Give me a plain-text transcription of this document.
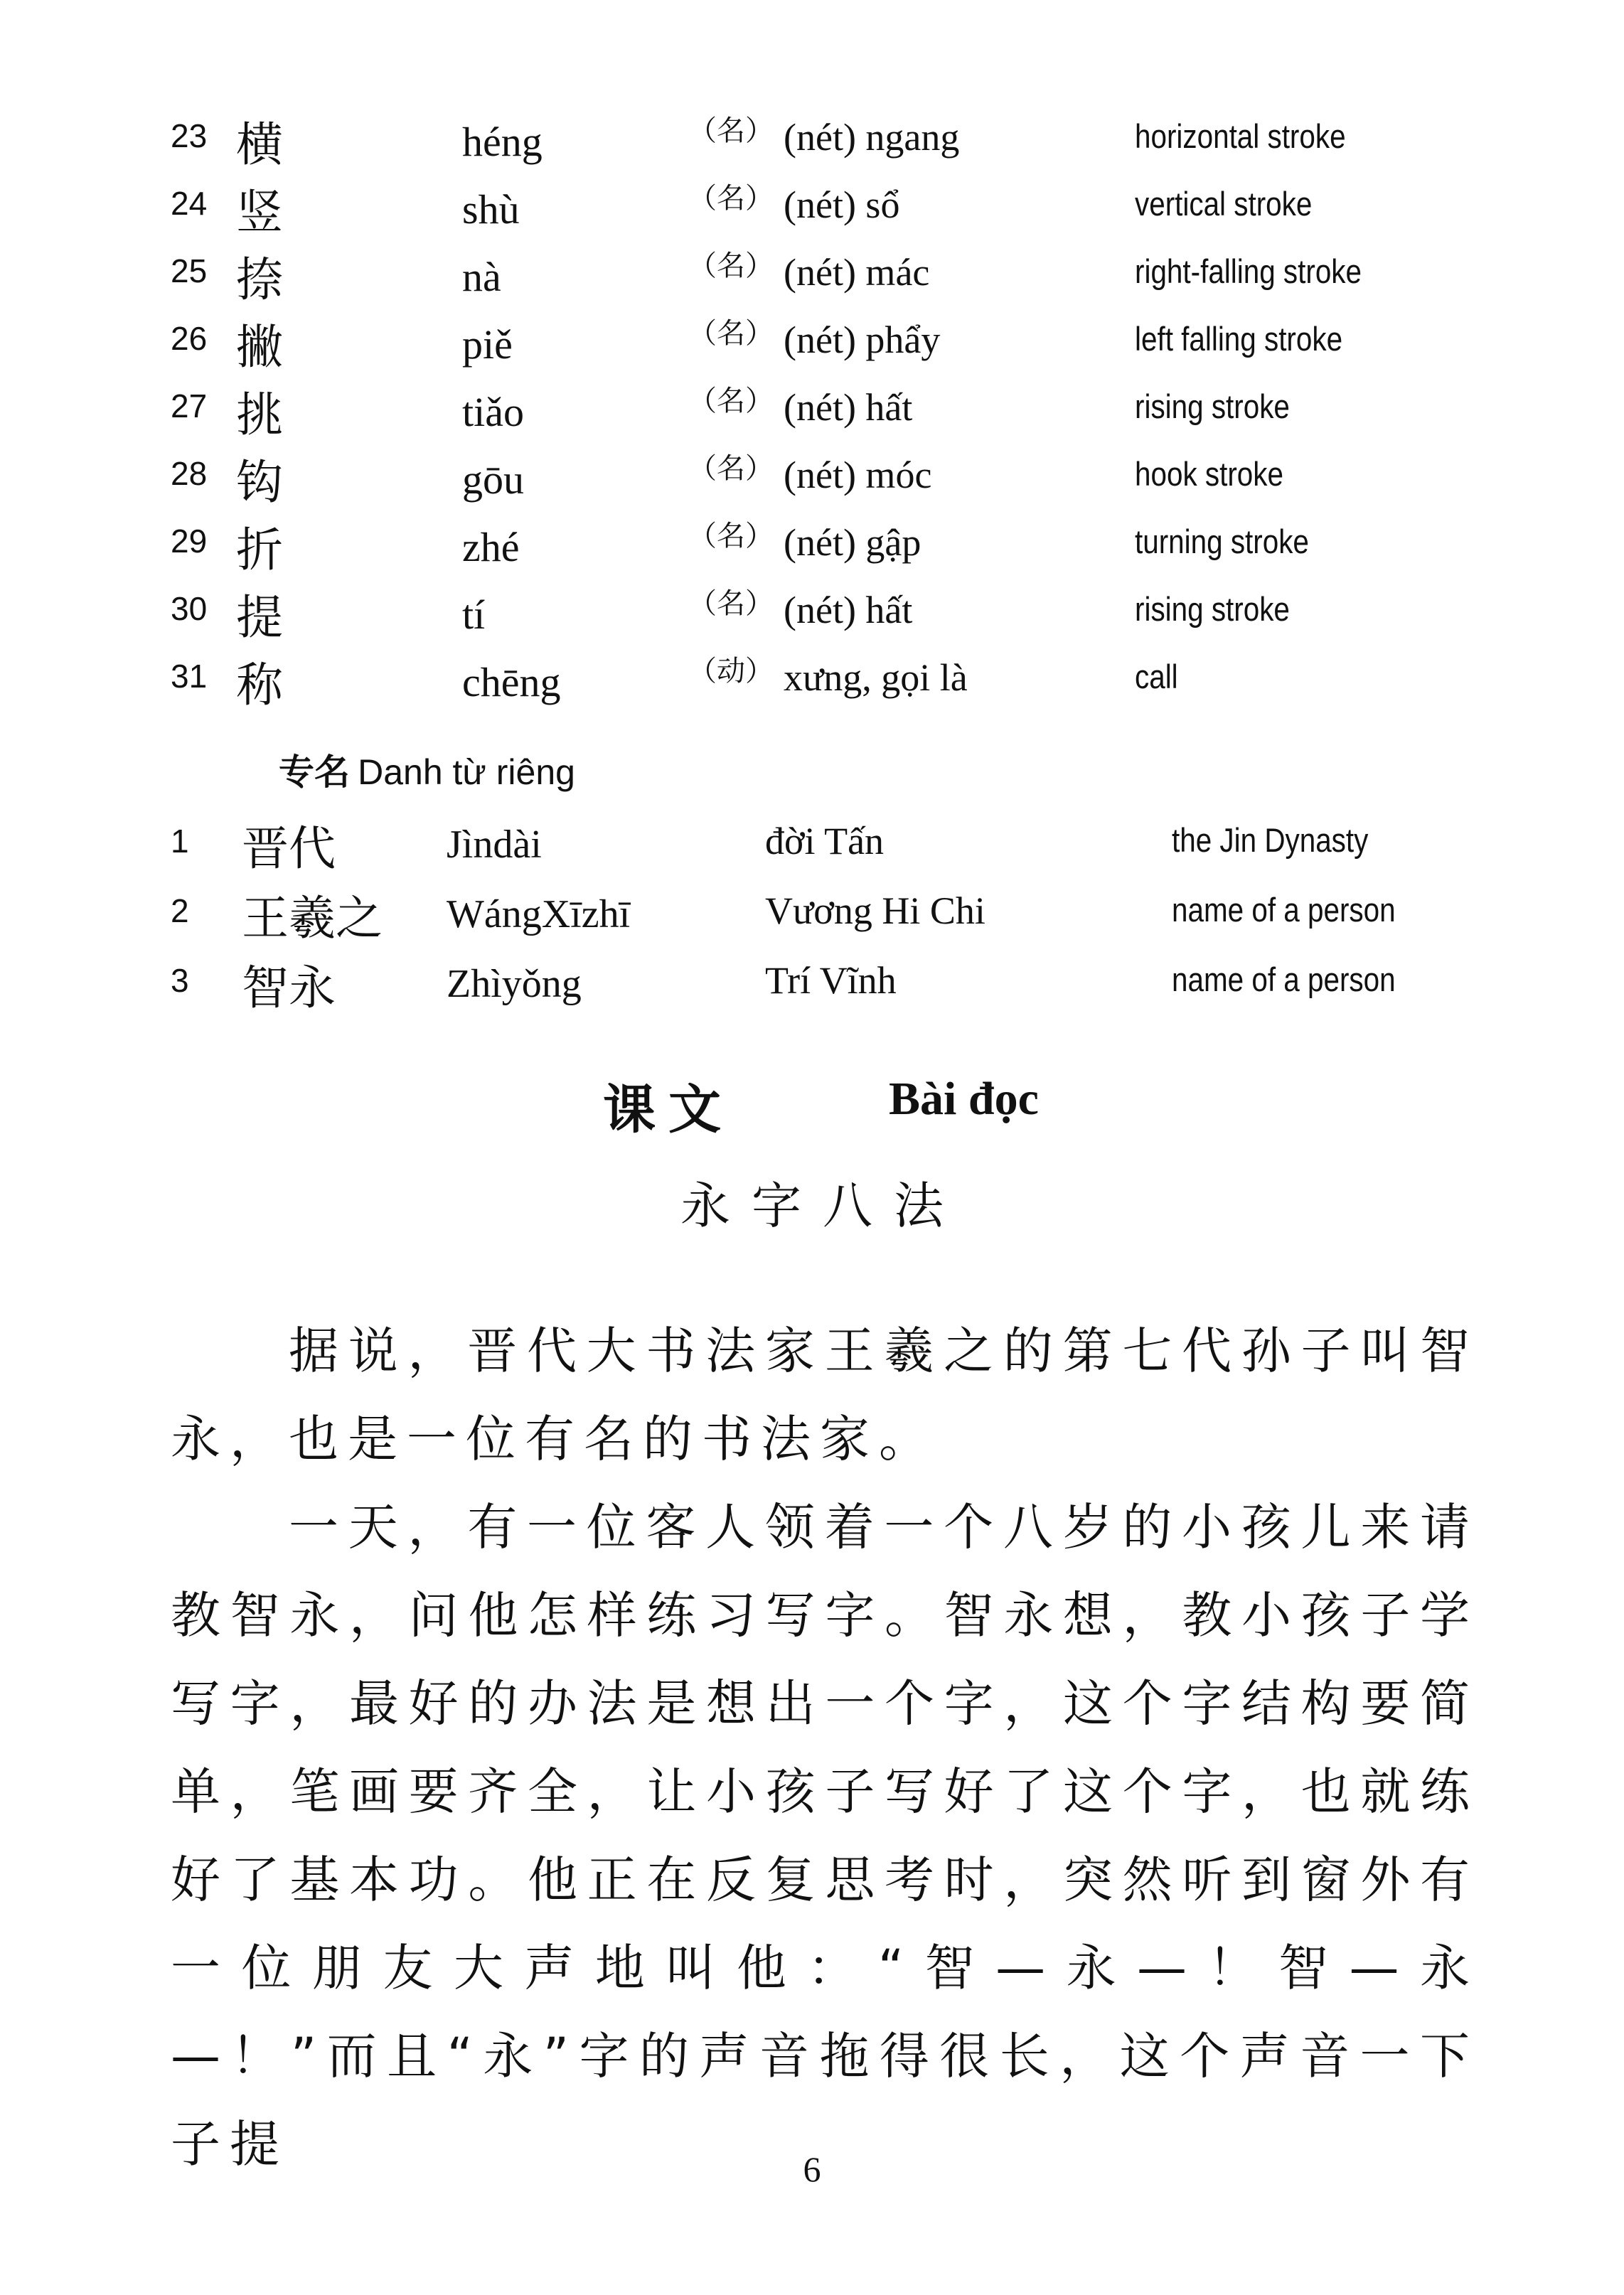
23 横	héng	（名） (nét) ngang	horizontal stroke
24 竖	shù	（名） (nét) sổ	vertical stroke
25 捺	nà	（名） (nét) mác	right-falling stroke
26 撇	piě	（名） (nét) phẩy	left falling stroke
27 挑	tiǎo	（名） (nét) hất	rising stroke
28 钩	gōu	（名） (nét) móc	hook stroke
29 折	zhé	（名） (nét) gập	turning stroke
30 提	tí	（名） (nét) hất	rising stroke
31 称	chēng	（动） xưng, gọi là	call
专名 Danh từ riêng
1 晋代	Jìndài	đời Tấn	the Jin Dynasty
2 王羲之 WángXīzhī	Vương Hi Chi	name of a person
3 智永	Zhìyǒng	Trí Vĩnh	name of a person
课文	Bài đọc
永字八法

据说，晋代大书法家王羲之的第七代孙子叫智永，也是一位有名的书法家。

一天，有一位客人领着一个八岁的小孩儿来请教智永，问他怎样练习写字。智永想，教小孩子学写字，最好的办法是想出一个字，这个字结构要简单，笔画要齐全，让小孩子写好了这个字，也就练好了基本功。他正在反复思考时，突然听到窗外有一位朋友大声地叫他：“智—永—！智—永—！”而且“永”字的声音拖得很长，这个声音一下子提	6
